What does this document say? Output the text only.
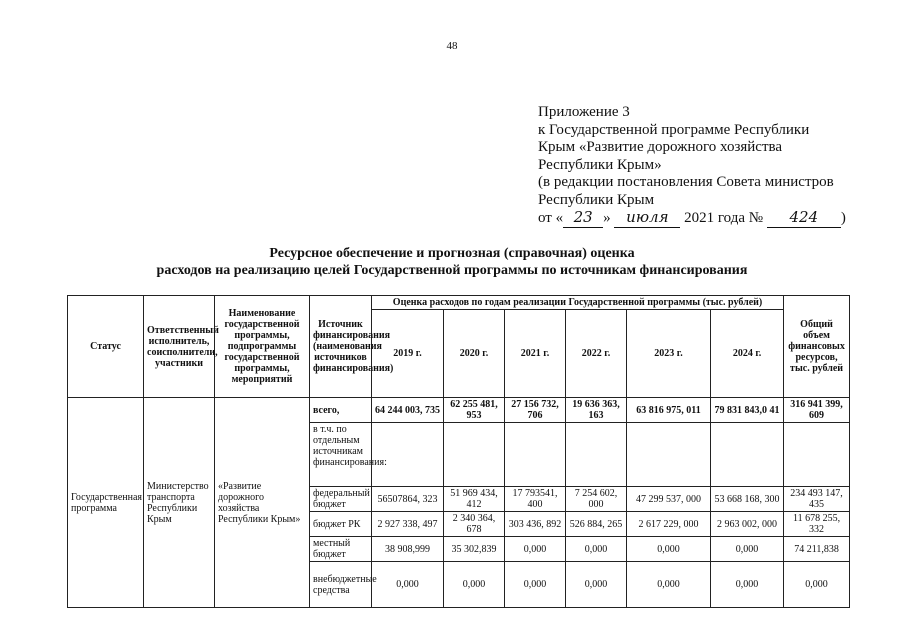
48
Приложение 3
к Государственной программе Республики
Крым «Развитие дорожного хозяйства
Республики Крым»
(в редакции постановления Совета министров
Республики Крым
от « 23 » июля 2021 года № 424 )
Ресурсное обеспечение и прогнозная (справочная) оценка
расходов на реализацию целей Государственной программы по источникам финансирования
Статус	Ответственный исполнитель, соисполнители, участники	Наименование государственной программы, подпрограммы государственной программы, мероприятий	Источник финансирования (наименования источников финансирования)	Оценка расходов по годам реализации Государственной программы (тыс. рублей)						Общий объем финансовых ресурсов, тыс. рублей
				2019 г.	2020 г.	2021 г.	2022 г.	2023 г.	2024 г.	
Государственная программа	Министерство транспорта Республики Крым	«Развитие дорожного хозяйства Республики Крым»	всего,	64 244 003, 735	62 255 481, 953	27 156 732, 706	19 636 363, 163	63 816 975, 011	79 831 843,0 41	316 941 399, 609
			в т.ч. по отдельным источникам финансирования:							
			федеральный бюджет	56507864, 323	51 969 434, 412	17 793541, 400	7 254 602, 000	47 299 537, 000	53 668 168, 300	234 493 147, 435
			бюджет РК	2 927 338, 497	2 340 364, 678	303 436, 892	526 884, 265	2 617 229, 000	2 963 002, 000	11 678 255, 332
			местный бюджет	38 908,999	35 302,839	0,000	0,000	0,000	0,000	74 211,838
			внебюджетные средства	0,000	0,000	0,000	0,000	0,000	0,000	0,000
